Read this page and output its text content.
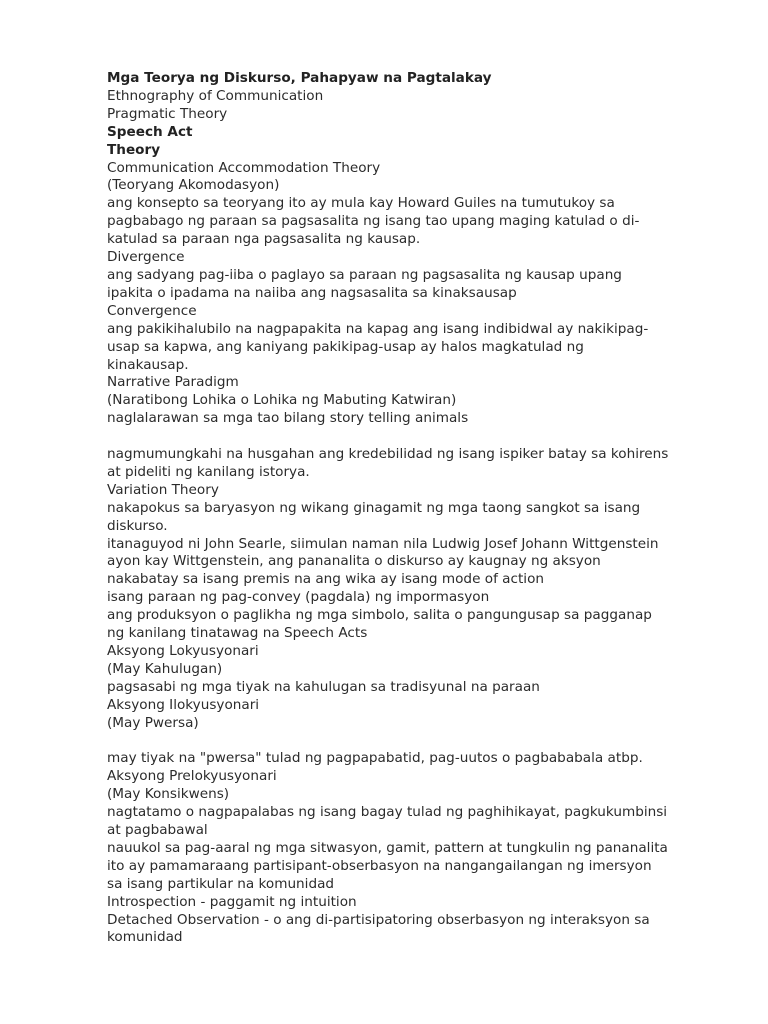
Mga Teorya ng Diskurso, Pahapyaw na Pagtalakay
Ethnography of Communication
Pragmatic Theory
Speech Act
Theory
Communication Accommodation Theory
(Teoryang Akomodasyon)
ang konsepto sa teoryang ito ay mula kay Howard Guiles na tumutukoy sa
pagbabago ng paraan sa pagsasalita ng isang tao upang maging katulad o di-
katulad sa paraan nga pagsasalita ng kausap.
Divergence
ang sadyang pag-iiba o paglayo sa paraan ng pagsasalita ng kausap upang
ipakita o ipadama na naiiba ang nagsasalita sa kinaksausap
Convergence
ang pakikihalubilo na nagpapakita na kapag ang isang indibidwal ay nakikipag-
usap sa kapwa, ang kaniyang pakikipag-usap ay halos magkatulad ng
kinakausap.
Narrative Paradigm
(Naratibong Lohika o Lohika ng Mabuting Katwiran)
naglalarawan sa mga tao bilang story telling animals
nagmumungkahi na husgahan ang kredebilidad ng isang ispiker batay sa kohirens
at pideliti ng kanilang istorya.
Variation Theory
nakapokus sa baryasyon ng wikang ginagamit ng mga taong sangkot sa isang
diskurso.
itanaguyod ni John Searle, siimulan naman nila Ludwig Josef Johann Wittgenstein
ayon kay Wittgenstein, ang pananalita o diskurso ay kaugnay ng aksyon
nakabatay sa isang premis na ang wika ay isang mode of action
isang paraan ng pag-convey (pagdala) ng impormasyon
ang produksyon o paglikha ng mga simbolo, salita o pangungusap sa pagganap
ng kanilang tinatawag na Speech Acts
Aksyong Lokyusyonari
(May Kahulugan)
pagsasabi ng mga tiyak na kahulugan sa tradisyunal na paraan
Aksyong Ilokyusyonari
(May Pwersa)
may tiyak na "pwersa" tulad ng pagpapabatid, pag-uutos o pagbababala atbp.
Aksyong Prelokyusyonari
(May Konsikwens)
nagtatamo o nagpapalabas ng isang bagay tulad ng paghihikayat, pagkukumbinsi
at pagbabawal
nauukol sa pag-aaral ng mga sitwasyon, gamit, pattern at tungkulin ng pananalita
ito ay pamamaraang partisipant-obserbasyon na nangangailangan ng imersyon
sa isang partikular na komunidad
Introspection - paggamit ng intuition
Detached Observation - o ang di-partisipatoring obserbasyon ng interaksyon sa
komunidad
